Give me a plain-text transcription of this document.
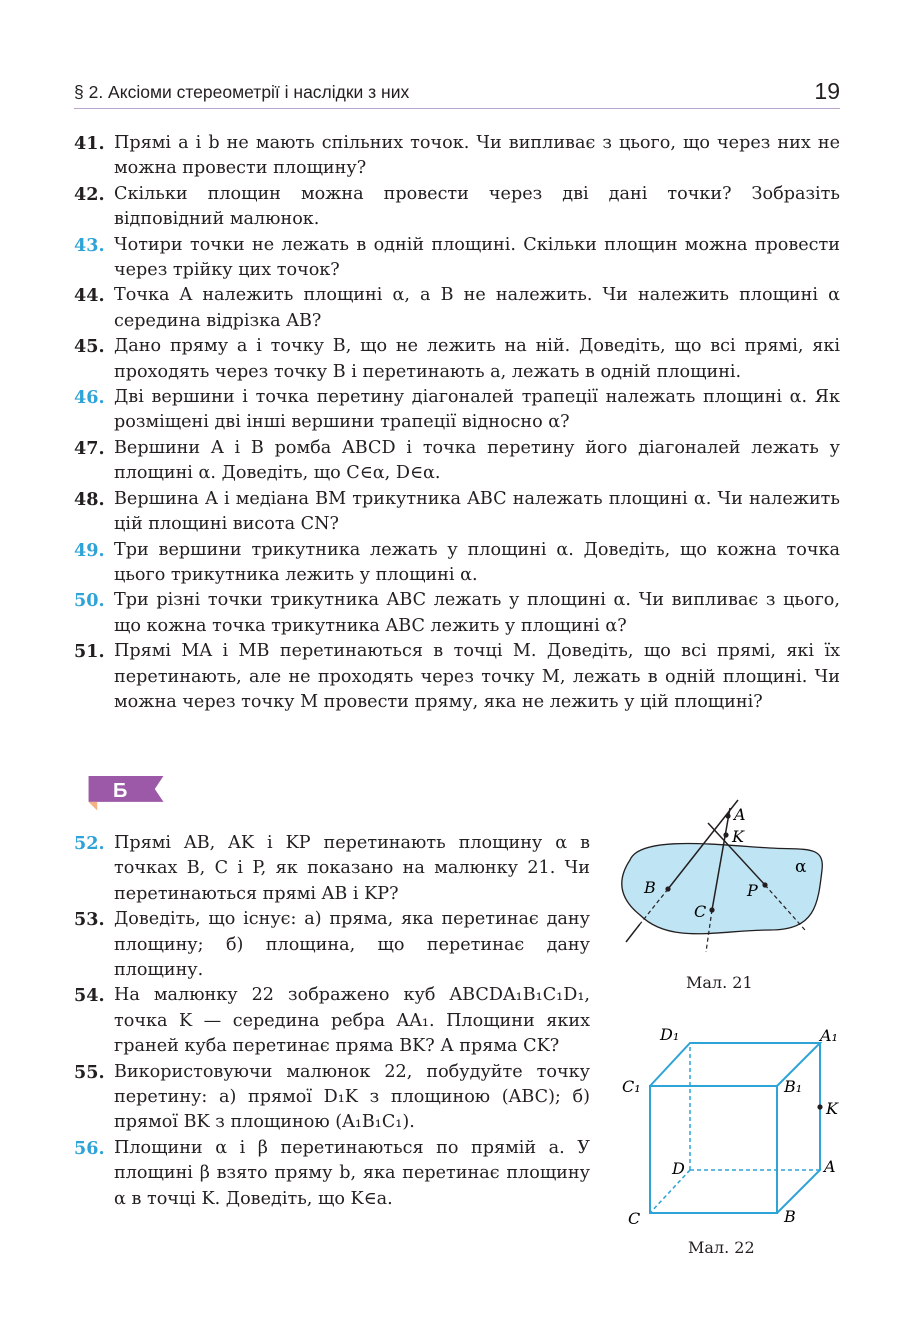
§ 2. Аксіоми стереометрії і наслідки з них	19
41. Прямі a і b не мають спільних точок. Чи випливає з цього, що через них не можна провести площину?
42. Скільки площин можна провести через дві дані точки? Зобразіть відповідний малюнок.
43. Чотири точки не лежать в одній площині. Скільки площин можна провести через трійку цих точок?
44. Точка A належить площині α, а B не належить. Чи належить площині α середина відрізка AB?
45. Дано пряму a і точку B, що не лежить на ній. Доведіть, що всі прямі, які проходять через точку B і перетинають a, лежать в одній площині.
46. Дві вершини і точка перетину діагоналей трапеції належать площині α. Як розміщені дві інші вершини трапеції відносно α?
47. Вершини A і B ромба ABCD і точка перетину його діагоналей лежать у площині α. Доведіть, що C∈α, D∈α.
48. Вершина A і медіана BM трикутника ABC належать площині α. Чи належить цій площині висота CN?
49. Три вершини трикутника лежать у площині α. Доведіть, що кожна точка цього трикутника лежить у площині α.
50. Три різні точки трикутника ABC лежать у площині α. Чи випливає з цього, що кожна точка трикутника ABC лежить у площині α?
51. Прямі MA і MB перетинаються в точці M. Доведіть, що всі прямі, які їх перетинають, але не проходять через точку M, лежать в одній площині. Чи можна через точку M провести пряму, яка не лежить у цій площині?
Б
52. Прямі AB, AK і KP перетинають площину α в точках B, C і P, як показано на малюнку 21. Чи перетинаються прямі AB і KP?
53. Доведіть, що існує: а) пряма, яка перетинає дану площину; б) площина, що перетинає дану площину.
54. На малюнку 22 зображено куб ABCDA₁B₁C₁D₁, точка K — середина ребра AA₁. Площини яких граней куба перетинає пряма BK? А пряма CK?
55. Використовуючи малюнок 22, побудуйте точку перетину: а) прямої D₁K з площиною (ABC); б) прямої BK з площиною (A₁B₁C₁).
56. Площини α і β перетинаються по прямій a. У площині β взято пряму b, яка перетинає площину α в точці K. Доведіть, що K∈a.
A
K
B
C
P
α
Мал. 21
D₁	A₁
C₁	B₁
K
D	A
C	B
Мал. 22
